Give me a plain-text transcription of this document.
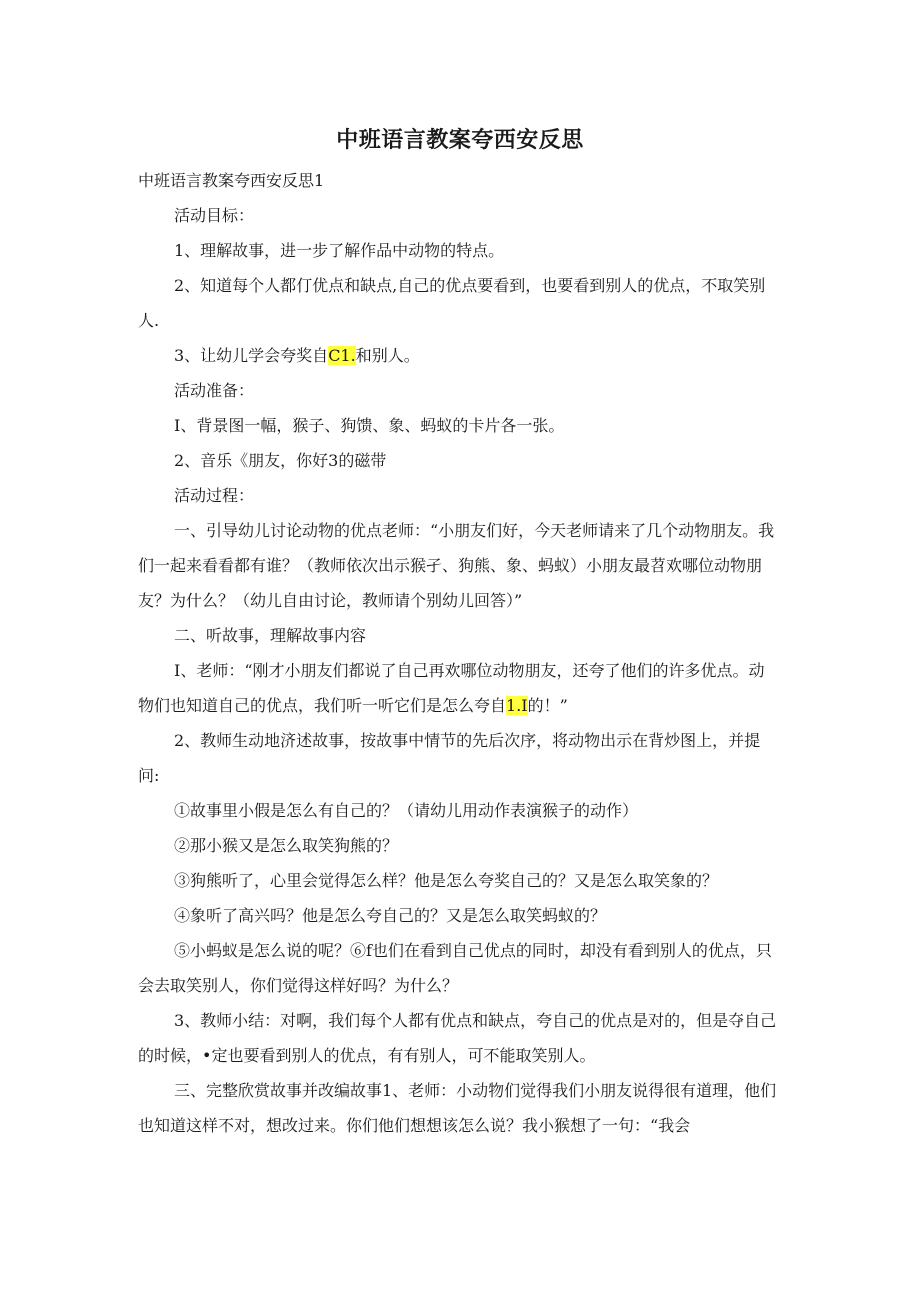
中班语言教案夸西安反思

中班语言教案夸西安反思1

活动目标：

1、理解故事，进一步了解作品中动物的特点。

2、知道每个人都仃优点和缺点,自己的优点要看到，也要看到别人的优点，不取笑别人.

3、让幼儿学会夸奖自C1.和别人。

活动准备：

I、背景图一幅，猴子、狗馈、象、蚂蚁的卡片各一张。

2、音乐《朋友，你好3的磁带

活动过程：

一、引导幼儿讨论动物的优点老师：“小朋友们好，今天老师请来了几个动物朋友。我们一起来看看都有谁？（教师依次出示猴孑、狗熊、象、蚂蚁）小朋友最苕欢哪位动物朋友？为什么？（幼儿自由讨论，教师请个别幼儿回答）”

二、听故事，理解故事内容

I、老师：“刚才小朋友们都说了自己再欢哪位动物朋友，还夸了他们的许多优点。动物们也知道自己的优点，我们听一听它们是怎么夸自1.I的！”

2、教师生动地济述故事，按故事中情节的先后次序，将动物出示在背炒图上，并提问:

①故事里小假是怎么有自己的？（请幼儿用动作表演猴子的动作）

②那小猴又是怎么取笑狗熊的？

③狗熊听了，心里会觉得怎么样？他是怎么夸奖自己的？又是怎么取笑象的？

④象听了高兴吗？他是怎么夸自己的？又是怎么取笑蚂蚁的？

⑤小蚂蚁是怎么说的呢？⑥f也们在看到自己优点的同时，却没有看到别人的优点，只会去取笑别人，你们觉得这样好吗？为什么？

3、教师小结：对啊，我们每个人都有优点和缺点，夸自己的优点是对的，但是夺自己的时候，•定也要看到别人的优点，有有别人，可不能取笑别人。

三、完整欣赏故事并改编故事1、老师：小动物们觉得我们小朋友说得很有道理，他们也知道这样不对，想改过来。你们他们想想该怎么说？我小猴想了一句：“我会
